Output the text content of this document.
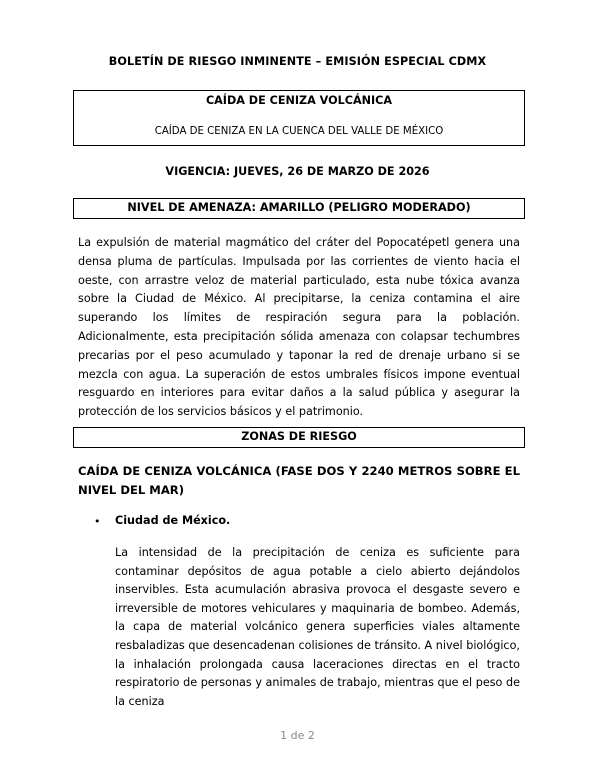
BOLETÍN DE RIESGO INMINENTE – EMISIÓN ESPECIAL CDMX
CAÍDA DE CENIZA VOLCÁNICA
CAÍDA DE CENIZA EN LA CUENCA DEL VALLE DE MÉXICO
VIGENCIA: JUEVES, 26 DE MARZO DE 2026
NIVEL DE AMENAZA: AMARILLO (PELIGRO MODERADO)

La expulsión de material magmático del cráter del Popocatépetl genera una densa pluma de partículas. Impulsada por las corrientes de viento hacia el oeste, con arrastre veloz de material particulado, esta nube tóxica avanza sobre la Ciudad de México. Al precipitarse, la ceniza contamina el aire superando los límites de respiración segura para la población. Adicionalmente, esta precipitación sólida amenaza con colapsar techumbres precarias por el peso acumulado y taponar la red de drenaje urbano si se mezcla con agua. La superación de estos umbrales físicos impone eventual resguardo en interiores para evitar daños a la salud pública y asegurar la protección de los servicios básicos y el patrimonio.

ZONAS DE RIESGO

CAÍDA DE CENIZA VOLCÁNICA (FASE DOS Y 2240 METROS SOBRE EL NIVEL DEL MAR)

• Ciudad de México.

La intensidad de la precipitación de ceniza es suficiente para contaminar depósitos de agua potable a cielo abierto dejándolos inservibles. Esta acumulación abrasiva provoca el desgaste severo e irreversible de motores vehiculares y maquinaria de bombeo. Además, la capa de material volcánico genera superficies viales altamente resbaladizas que desencadenan colisiones de tránsito. A nivel biológico, la inhalación prolongada causa laceraciones directas en el tracto respiratorio de personas y animales de trabajo, mientras que el peso de la ceniza

1 de 2
